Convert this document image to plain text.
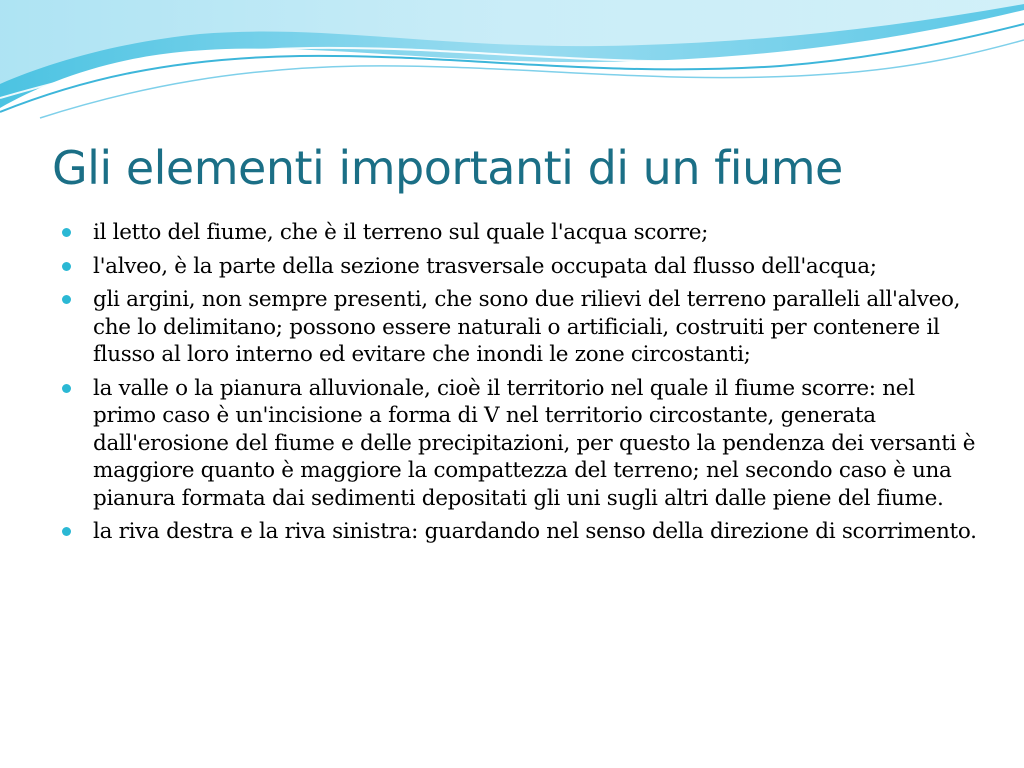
Gli elementi importanti di un fiume
il letto del fiume, che è il terreno sul quale l'acqua scorre;
l'alveo, è la parte della sezione trasversale occupata dal flusso dell'acqua;
gli argini, non sempre presenti, che sono due rilievi del terreno paralleli all'alveo, che lo delimitano; possono essere naturali o artificiali, costruiti per contenere il flusso al loro interno ed evitare che inondi le zone circostanti;
la valle o la pianura alluvionale, cioè il territorio nel quale il fiume scorre: nel primo caso è un'incisione a forma di V nel territorio circostante, generata dall'erosione del fiume e delle precipitazioni, per questo la pendenza dei versanti è maggiore quanto è maggiore la compattezza del terreno; nel secondo caso è una pianura formata dai sedimenti depositati gli uni sugli altri dalle piene del fiume.
la riva destra e la riva sinistra: guardando nel senso della direzione di scorrimento.
